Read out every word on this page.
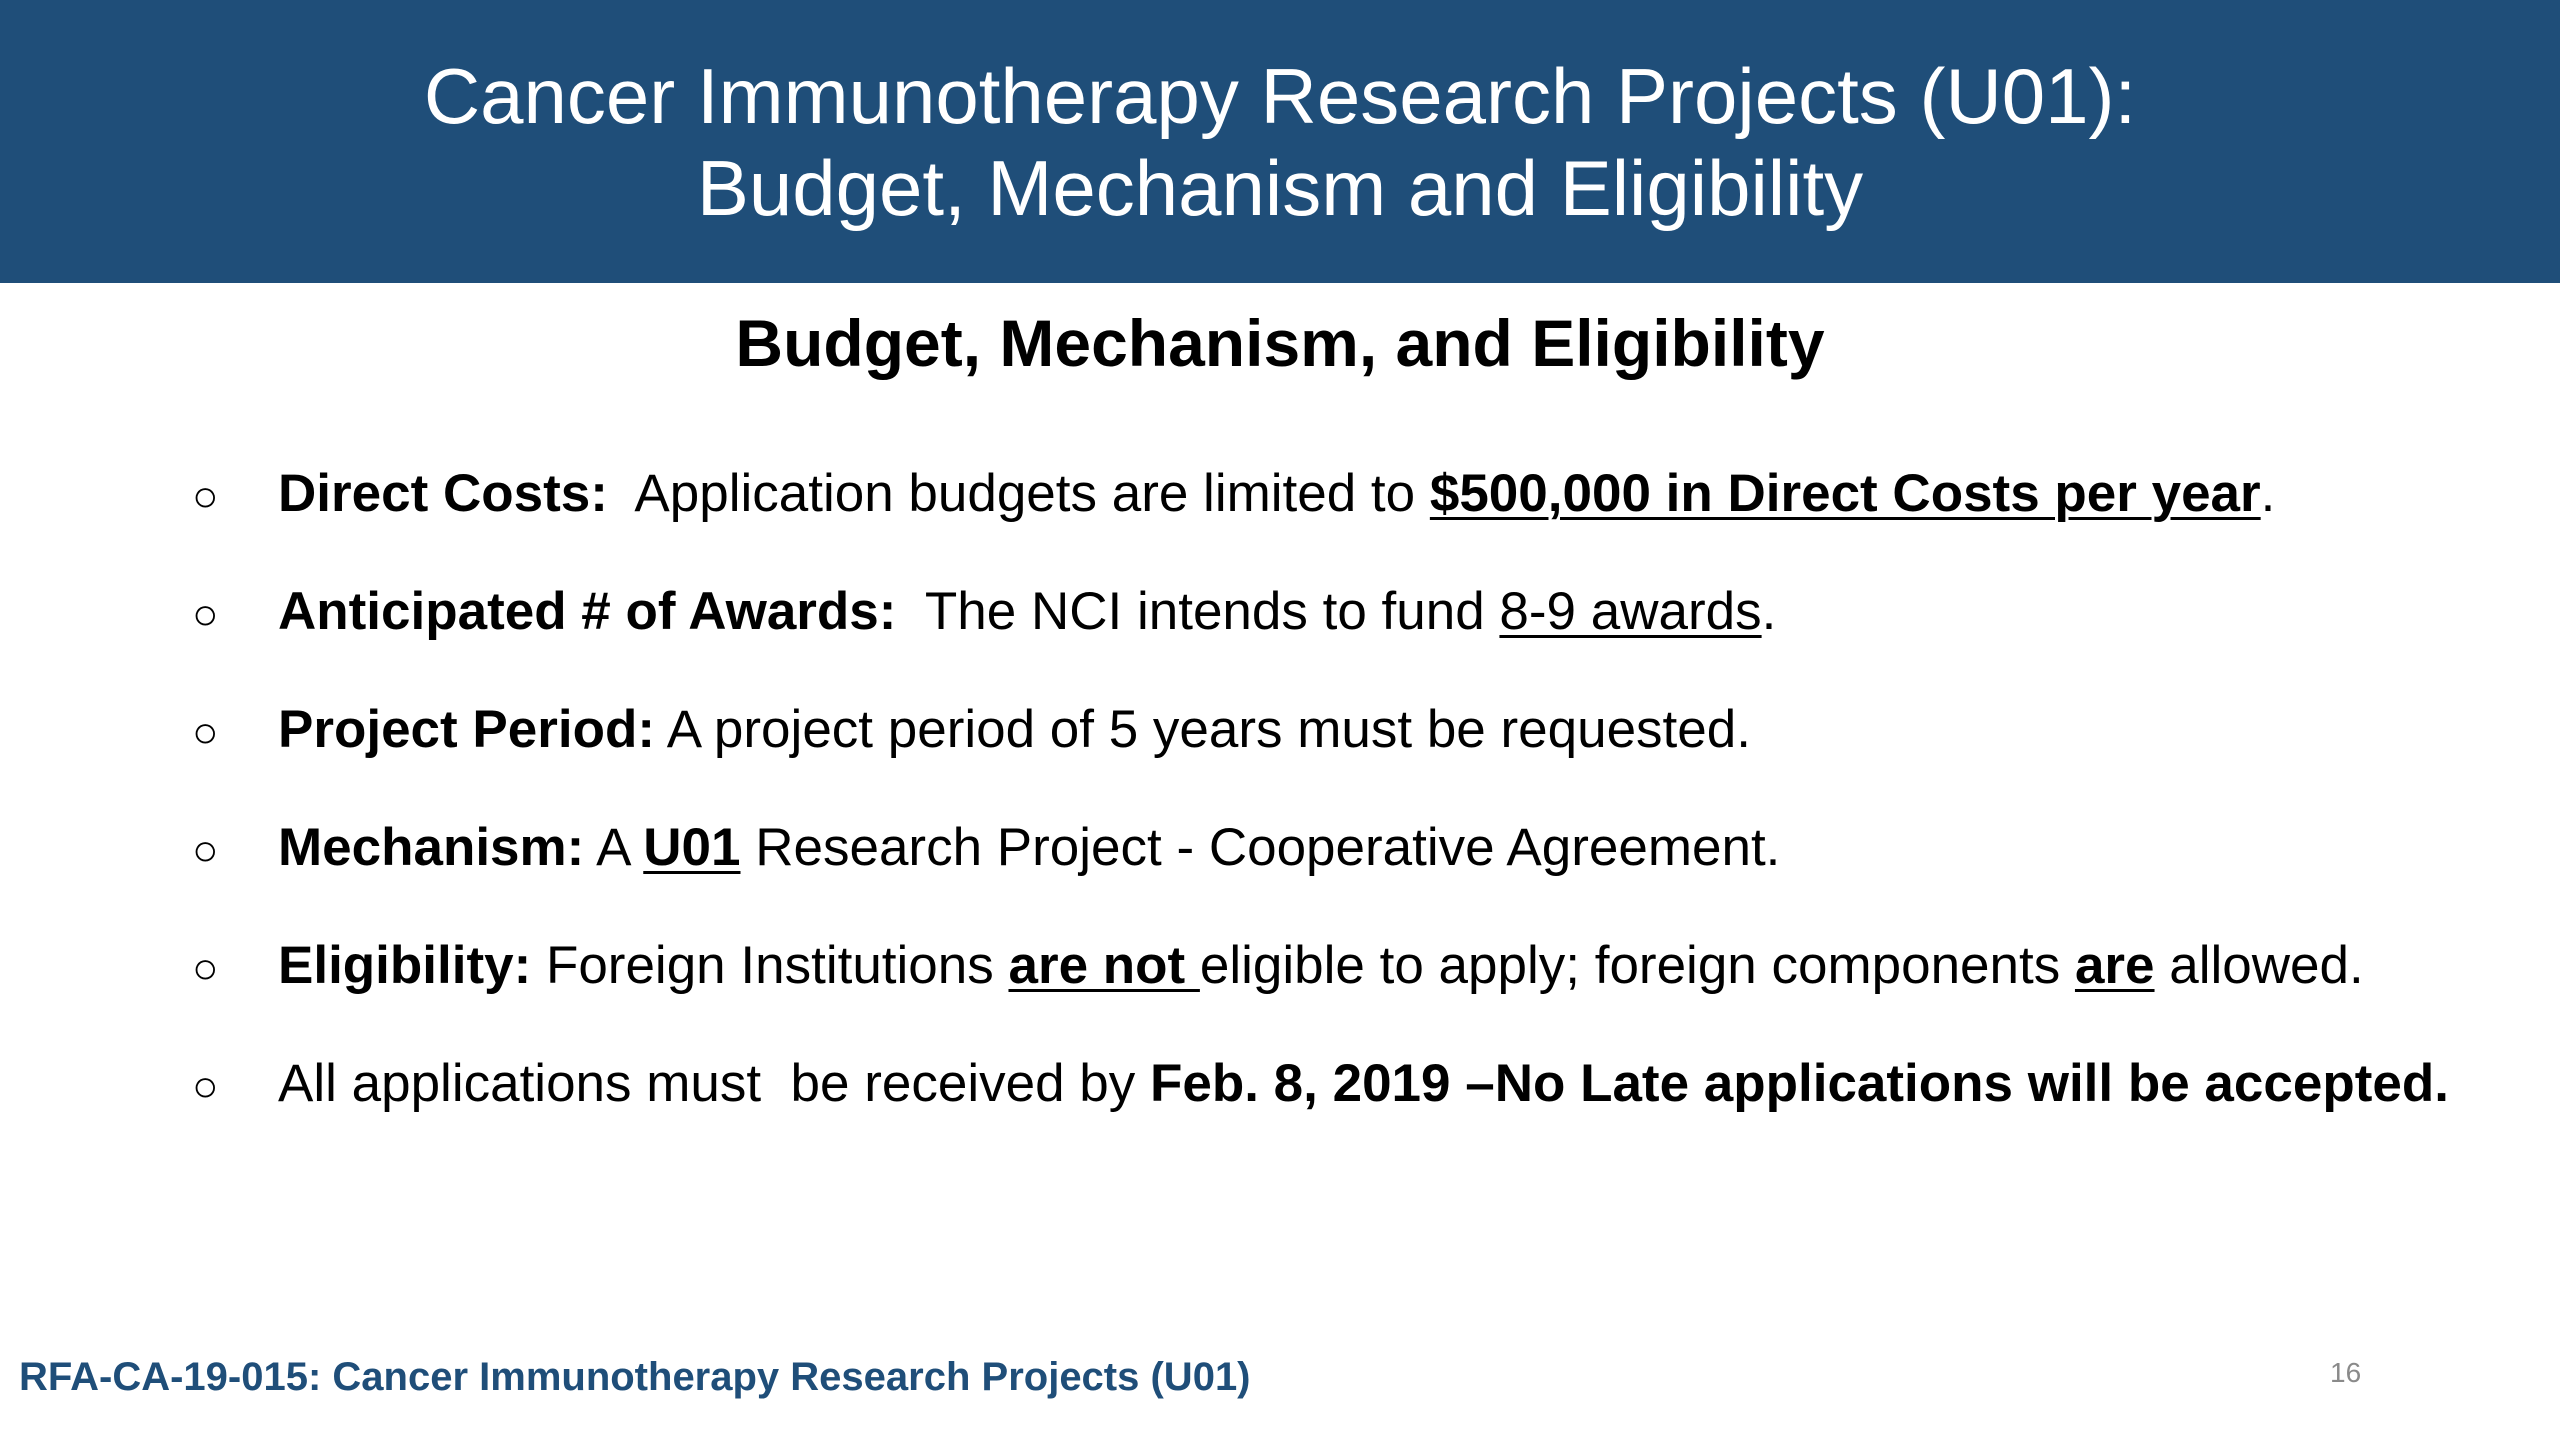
Cancer Immunotherapy Research Projects (U01):
Budget, Mechanism and Eligibility
Budget, Mechanism, and Eligibility
○	Direct Costs:  Application budgets are limited to $500,000 in Direct Costs per year.
○	Anticipated # of Awards:  The NCI intends to fund 8-9 awards.
○	Project Period: A project period of 5 years must be requested.
○	Mechanism: A U01 Research Project - Cooperative Agreement.
○	Eligibility: Foreign Institutions are not eligible to apply; foreign components are allowed.
○	All applications must  be received by Feb. 8, 2019 –No Late applications will be accepted.
RFA-CA-19-015: Cancer Immunotherapy Research Projects (U01)	16
